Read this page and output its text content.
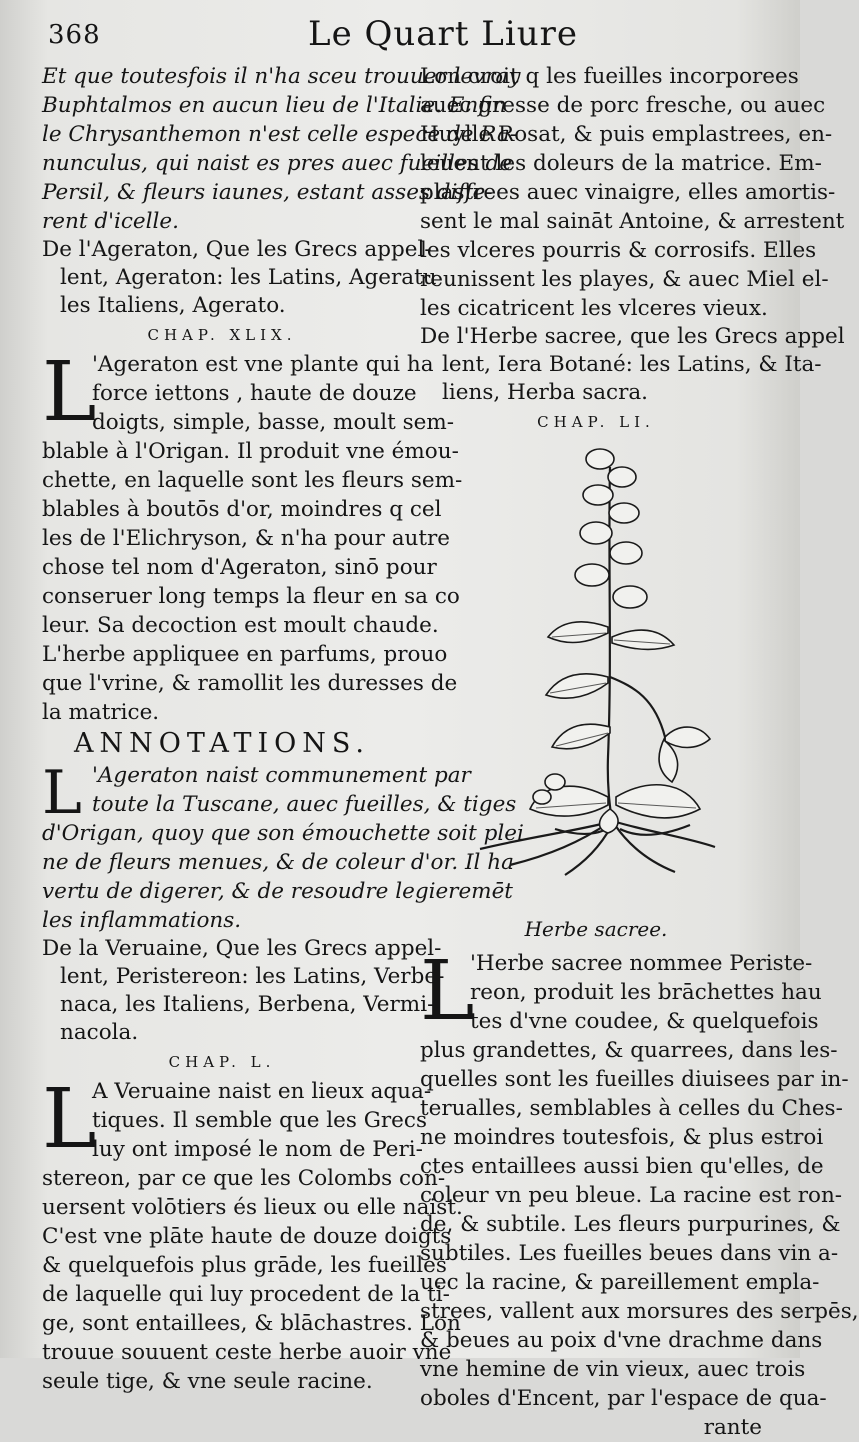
368	Le Quart Liure
Et que toutesfois il n'ha sceu trouuer levray
Buphtalmos en aucun lieu de l'Italie. Enfin
le Chrysanthemon n'est celle espece de Ra-
nunculus, qui naist es pres auec fueilles de
Persil, & fleurs iaunes, estant asses diffe-
rent d'icelle.
De l'Ageraton, Que les Grecs appel-
lent, Ageraton: les Latins, Ageratu
les Italiens, Agerato.
CHAP. XLIX.
L
'Ageraton est vne plante qui ha
force iettons , haute de douze
doigts, simple, basse, moult sem-
blable à l'Origan. Il produit vne émou-
chette, en laquelle sont les fleurs sem-
blables à boutōs d'or, moindres q cel
les de l'Elichryson, & n'ha pour autre
chose tel nom d'Ageraton, sinō pour
conseruer long temps la fleur en sa co
leur. Sa decoction est moult chaude.
L'herbe appliquee en parfums, prouo
que l'vrine, & ramollit les duresses de
la matrice.
ANNOTATIONS.
L 'Ageraton naist communement par
toute la Tuscane, auec fueilles, & tiges
d'Origan, quoy que son émouchette soit plei
ne de fleurs menues, & de coleur d'or. Il ha
vertu de digerer, & de resoudre legieremēt
les inflammations.
De la Veruaine, Que les Grecs appel-
lent, Peristereon: les Latins, Verbe-
naca, les Italiens, Berbena, Vermi-
nacola.
CHAP. L.
L
A Veruaine naist en lieux aqua-
tiques. Il semble que les Grecs
luy ont imposé le nom de Peri-
stereon, par ce que les Colombs con-
uersent volōtiers és lieux ou elle naist.
C'est vne plāte haute de douze doigts
& quelquefois plus grāde, les fueilles
de laquelle qui luy procedent de la ti-
ge, sont entaillees, & blāchastres. Lon
trouue souuent ceste herbe auoir vne
seule tige, & vne seule racine.
Lon croit q les fueilles incorporees
auec gresse de porc fresche, ou auec
Huylle Rosat, & puis emplastrees, en-
leuent les doleurs de la matrice. Em-
plastrees auec vinaigre, elles amortis-
sent le mal saināt Antoine, & arrestent
les vlceres pourris & corrosifs. Elles
reunissent les playes, & auec Miel el-
les cicatricent les vlceres vieux.
De l'Herbe sacree, que les Grecs appel
lent, Iera Botané: les Latins, & Ita-
liens, Herba sacra.
CHAP. LI.
Herbe sacree.
L
'Herbe sacree nommee Periste-
reon, produit les brāchettes hau
tes d'vne coudee, & quelquefois
plus grandettes, & quarrees, dans les-
quelles sont les fueilles diuisees par in-
terualles, semblables à celles du Ches-
ne moindres toutesfois, & plus estroi
ctes entaillees aussi bien qu'elles, de
coleur vn peu bleue. La racine est ron-
de, & subtile. Les fleurs purpurines, &
subtiles. Les fueilles beues dans vin a-
uec la racine, & pareillement empla-
strees, vallent aux morsures des serpēs,
& beues au poix d'vne drachme dans
vne hemine de vin vieux, auec trois
oboles d'Encent, par l'espace de qua-
rante
